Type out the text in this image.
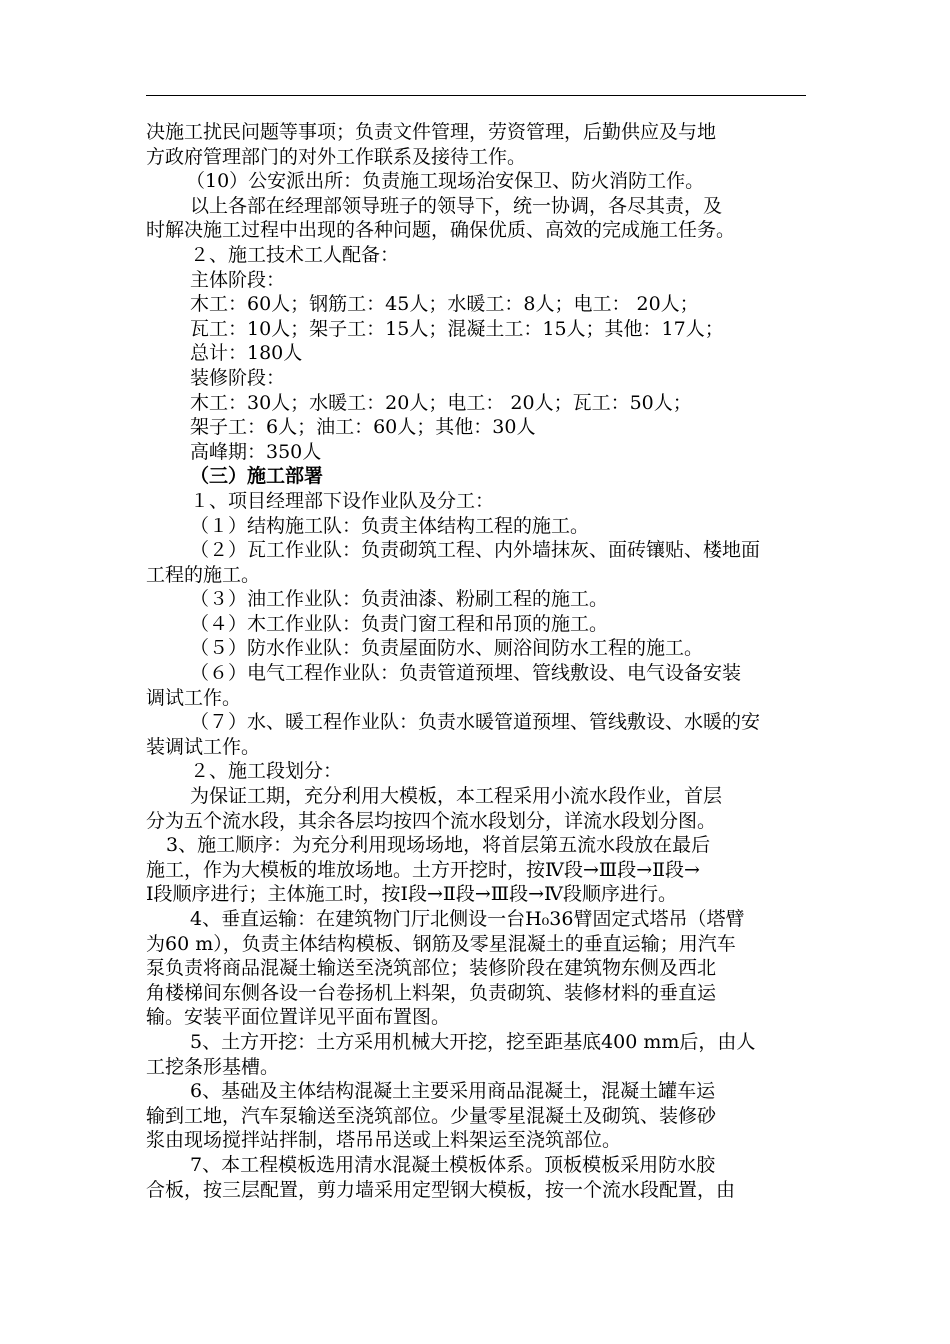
决施工扰民问题等事项；负责文件管理，劳资管理，后勤供应及与地

方政府管理部门的对外工作联系及接待工作。

（10）公安派出所：负责施工现场治安保卫、防火消防工作。

以上各部在经理部领导班子的领导下，统一协调，各尽其责，及

时解决施工过程中出现的各种问题，确保优质、高效的完成施工任务。

２、施工技术工人配备：

主体阶段：

木工：60人；钢筋工：45人；水暖工：8人；电工： 20人；

瓦工：10人；架子工：15人；混凝土工：15人；其他：17人；

总计：180人

装修阶段：

木工：30人；水暖工：20人；电工： 20人；瓦工：50人；

架子工：6人；油工：60人；其他：30人

高峰期：350人

（三）施工部署

１、项目经理部下设作业队及分工：

（１）结构施工队：负责主体结构工程的施工。

（２）瓦工作业队：负责砌筑工程、内外墙抹灰、面砖镶贴、楼地面

工程的施工。

（３）油工作业队：负责油漆、粉刷工程的施工。

（４）木工作业队：负责门窗工程和吊顶的施工。

（５）防水作业队：负责屋面防水、厕浴间防水工程的施工。

（６）电气工程作业队：负责管道预埋、管线敷设、电气设备安装

调试工作。

（７）水、暖工程作业队：负责水暖管道预埋、管线敷设、水暖的安

装调试工作。

２、施工段划分：

为保证工期，充分利用大模板，本工程采用小流水段作业，首层

分为五个流水段，其余各层均按四个流水段划分，详流水段划分图。

3、施工顺序：为充分利用现场场地，将首层第五流水段放在最后

施工，作为大模板的堆放场地。土方开挖时，按Ⅳ段→Ⅲ段→Ⅱ段→

Ⅰ段顺序进行；主体施工时，按Ⅰ段→Ⅱ段→Ⅲ段→Ⅳ段顺序进行。

4、垂直运输：在建筑物门厅北侧设一台H₀36臂固定式塔吊（塔臂

为60 m），负责主体结构模板、钢筋及零星混凝土的垂直运输；用汽车

泵负责将商品混凝土输送至浇筑部位；装修阶段在建筑物东侧及西北

角楼梯间东侧各设一台卷扬机上料架，负责砌筑、装修材料的垂直运

输。安装平面位置详见平面布置图。

5、土方开挖：土方采用机械大开挖，挖至距基底400 mm后，由人

工挖条形基槽。

6、基础及主体结构混凝土主要采用商品混凝土，混凝土罐车运

输到工地，汽车泵输送至浇筑部位。少量零星混凝土及砌筑、装修砂

浆由现场搅拌站拌制，塔吊吊送或上料架运至浇筑部位。

7、本工程模板选用清水混凝土模板体系。顶板模板采用防水胶

合板，按三层配置，剪力墙采用定型钢大模板，按一个流水段配置，由
